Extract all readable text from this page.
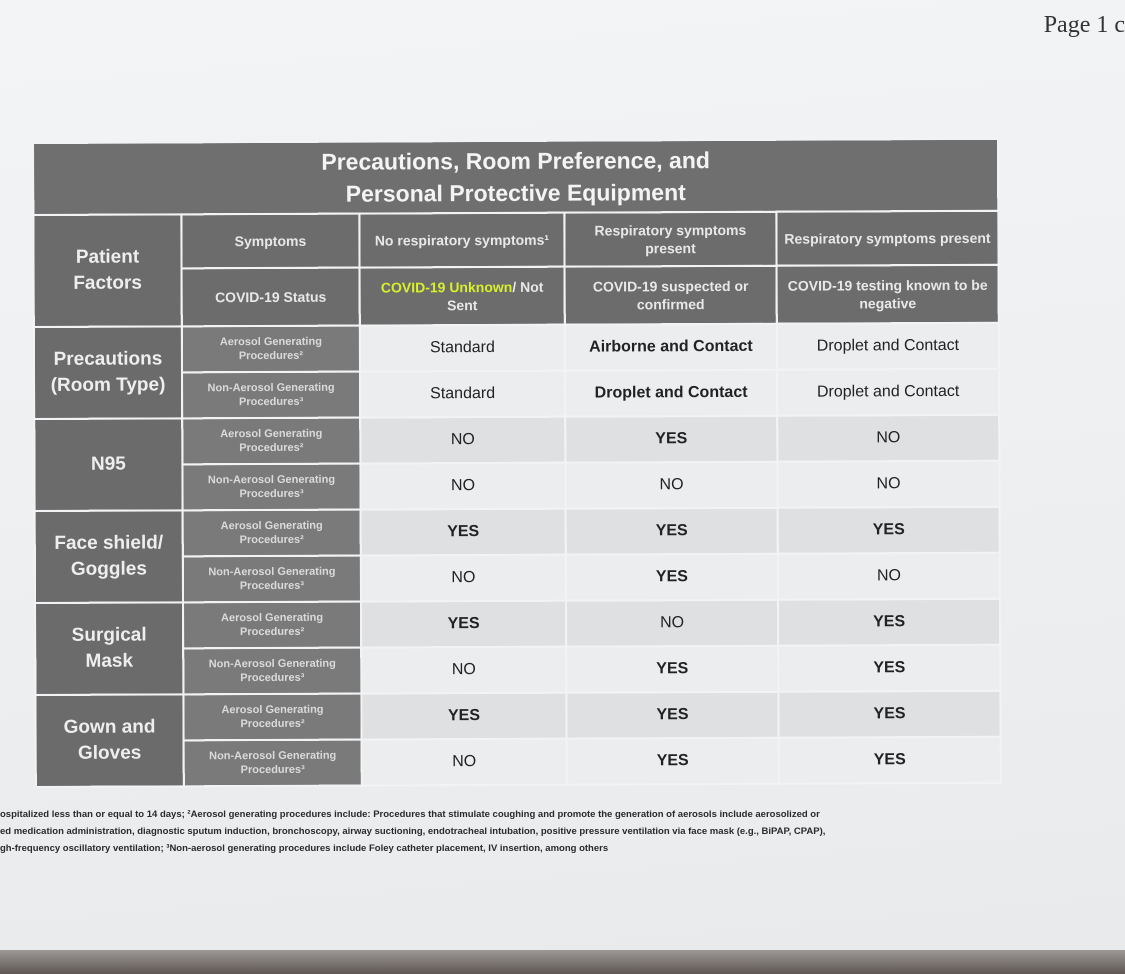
Page 1 c
Precautions, Room Preference, and
Personal Protective Equipment				

Patient
Factors	Symptoms	No respiratory symptoms¹	Respiratory symptoms present	Respiratory symptoms present
	COVID-19 Status	COVID-19 Unknown/ Not Sent	COVID-19 suspected or confirmed	COVID-19 testing known to be negative

Precautions
(Room Type)	Aerosol Generating Procedures²	Standard	Airborne and Contact	Droplet and Contact
	Non-Aerosol Generating Procedures³	Standard	Droplet and Contact	Droplet and Contact

N95	Aerosol Generating Procedures²	NO	YES	NO
	Non-Aerosol Generating Procedures³	NO	NO	NO

Face shield/
Goggles	Aerosol Generating Procedures²	YES	YES	YES
	Non-Aerosol Generating Procedures³	NO	YES	NO

Surgical
Mask	Aerosol Generating Procedures²	YES	NO	YES
	Non-Aerosol Generating Procedures³	NO	YES	YES

Gown and
Gloves	Aerosol Generating Procedures²	YES	YES	YES
	Non-Aerosol Generating Procedures³	NO	YES	YES
ospitalized less than or equal to 14 days; ²Aerosol generating procedures include: Procedures that stimulate coughing and promote the generation of aerosols include aerosolized or
ed medication administration, diagnostic sputum induction, bronchoscopy, airway suctioning, endotracheal intubation, positive pressure ventilation via face mask (e.g., BiPAP, CPAP),
gh-frequency oscillatory ventilation; ³Non-aerosol generating procedures include Foley catheter placement, IV insertion, among others
